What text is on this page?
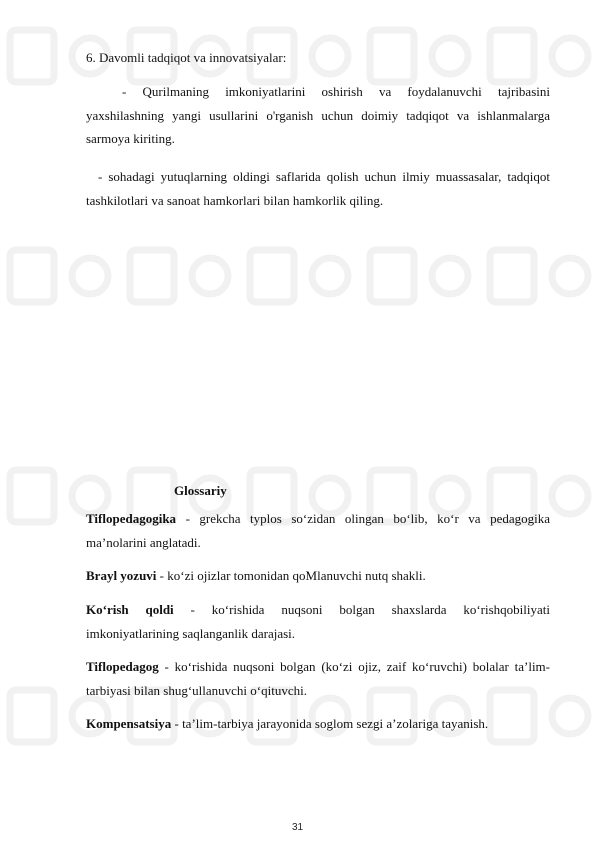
6. Davomli tadqiqot va innovatsiyalar:
- Qurilmaning imkoniyatlarini oshirish va foydalanuvchi tajribasini yaxshilashning yangi usullarini o'rganish uchun doimiy tadqiqot va ishlanmalarga sarmoya kiriting.
- sohadagi yutuqlarning oldingi saflarida qolish uchun ilmiy muassasalar, tadqiqot tashkilotlari va sanoat hamkorlari bilan hamkorlik qiling.
Glossariy
Tiflopedagogika - grekcha typlos so‘zidan olingan bo‘lib, ko‘r va pedagogika ma’nolarini anglatadi.
Brayl yozuvi - ko‘zi ojizlar tomonidan qoMlanuvchi nutq shakli.
Ko‘rish qoldi - ko‘rishida nuqsoni bolgan shaxslarda ko‘rishqobiliyati imkoniyatlarining saqlanganlik darajasi.
Tiflopedagog - ko‘rishida nuqsoni bolgan (ko‘zi ojiz, zaif ko‘ruvchi) bolalar ta’lim-tarbiyasi bilan shug‘ullanuvchi o‘qituvchi.
Kompensatsiya - ta’lim-tarbiya jarayonida soglom sezgi a’zolariga tayanish.
31
